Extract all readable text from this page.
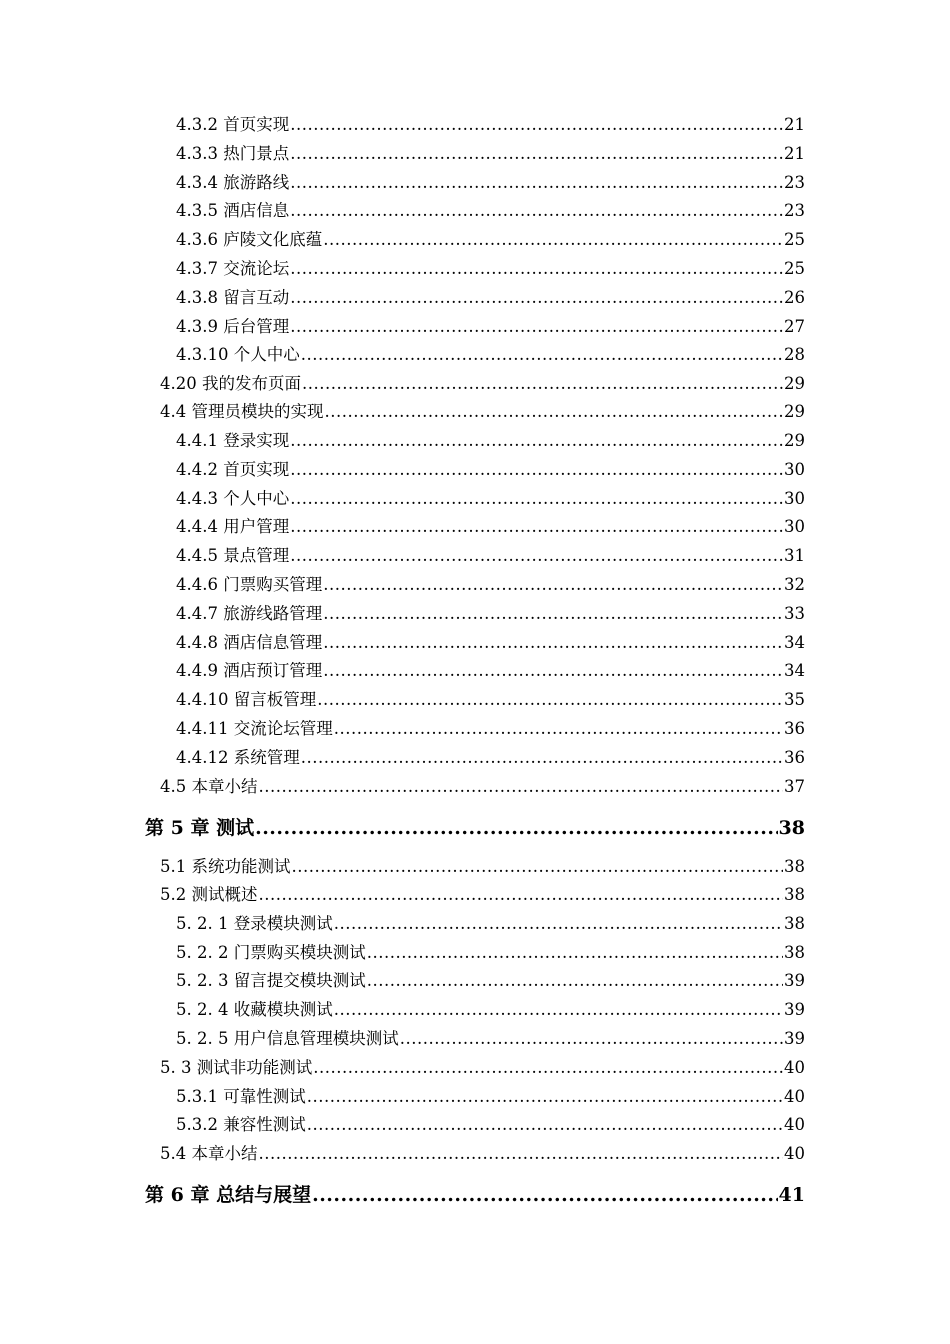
4.3.2 首页实现 .....	21
4.3.3 热门景点 .....	21
4.3.4 旅游路线 .....	23
4.3.5 酒店信息 .....	23
4.3.6 庐陵文化底蕴 .....	25
4.3.7 交流论坛 .....	25
4.3.8 留言互动 .....	26
4.3.9 后台管理 .....	27
4.3.10 个人中心 .....	28
4.20 我的发布页面 .....	29
4.4 管理员模块的实现 .....	29
4.4.1 登录实现 .....	29
4.4.2 首页实现 .....	30
4.4.3 个人中心 .....	30
4.4.4 用户管理 .....	30
4.4.5 景点管理 .....	31
4.4.6 门票购买管理 .....	32
4.4.7 旅游线路管理 .....	33
4.4.8 酒店信息管理 .....	34
4.4.9 酒店预订管理 .....	34
4.4.10 留言板管理 .....	35
4.4.11 交流论坛管理 .....	36
4.4.12 系统管理 .....	36
4.5 本章小结 .....	37
第 5 章 测试 .....	38
5.1 系统功能测试 .....	38
5.2 测试概述 .....	38
5. 2. 1 登录模块测试 .....	38
5. 2. 2 门票购买模块测试 .....	38
5. 2. 3 留言提交模块测试 .....	39
5. 2. 4 收藏模块测试 .....	39
5. 2. 5 用户信息管理模块测试 .....	39
5. 3 测试非功能测试 .....	40
5.3.1 可靠性测试 .....	40
5.3.2 兼容性测试 .....	40
5.4 本章小结 .....	40
第 6 章 总结与展望 .....	41
